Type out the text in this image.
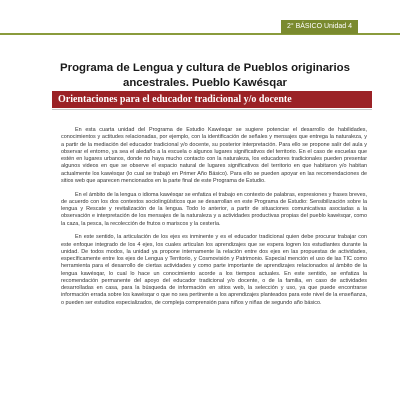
2° BÁSICO Unidad 4
Programa de Lengua y cultura de Pueblos originarios
ancestrales. Pueblo Kawésqar
Orientaciones para el educador tradicional y/o docente

En esta cuarta unidad del Programa de Estudio Kawésqar se sugiere potenciar el desarrollo de habilidades, conocimientos y actitudes relacionadas, por ejemplo, con la identificación de señales y mensajes que entrega la naturaleza, y a partir de la mediación del educador tradicional y/o docente, su posterior interpretación. Para ello se propone salir del aula y observar el entorno, ya sea el aledaño a la escuela o algunos lugares significativos del territorio. En el caso de escuelas que estén en lugares urbanos, donde no haya mucho contacto con la naturaleza, los educadores tradicionales pueden presentar algunos videos en que se observe el espacio natural de lugares significativos del territorio en que habitaron y/o habitan actualmente los kawésqar (lo cual se trabajó en Primer Año Básico). Para ello se pueden apoyar en las recomendaciones de sitios web que aparecen mencionados en la parte final de este Programa de Estudio.

En el ámbito de la lengua o idioma kawésqar se enfatiza el trabajo en contexto de palabras, expresiones y frases breves, de acuerdo con los dos contextos sociolingüísticos que se desarrollan en este Programa de Estudio: Sensibilización sobre la lengua y Rescate y revitalización de la lengua. Todo lo anterior, a partir de situaciones comunicativas asociadas a la observación e interpretación de los mensajes de la naturaleza y a actividades productivas propias del pueblo kawésqar, como la caza, la pesca, la recolección de frutos o mariscos y la cestería.

En este sentido, la articulación de los ejes es inminente y es el educador tradicional quien debe procurar trabajar con este enfoque integrado de los 4 ejes, los cuales articulan los aprendizajes que se espera logren los estudiantes durante la unidad. De todos modos, la unidad ya propone internamente la relación entre dos ejes en las propuestas de actividades, específicamente entre los ejes de Lengua y Territorio, y Cosmovisión y Patrimonio. Especial mención el uso de las TIC como herramienta para el desarrollo de ciertas actividades y como parte importante de aprendizajes relacionados al ámbito de la lengua kawésqar, lo cual lo hace un conocimiento acorde a los tiempos actuales. En este sentido, se enfatiza la recomendación permanente del apoyo del educador tradicional y/o docente, o de la familia, en caso de actividades desarrolladas en casa, para la búsqueda de información en sitios web, la selección y uso, ya que puede encontrarse información errada sobre los kawésqar o que no sea pertinente a los aprendizajes planteados para este nivel de la enseñanza, o pueden ser estudios especializados, de compleja comprensión para niños y niñas de segundo año básico.
